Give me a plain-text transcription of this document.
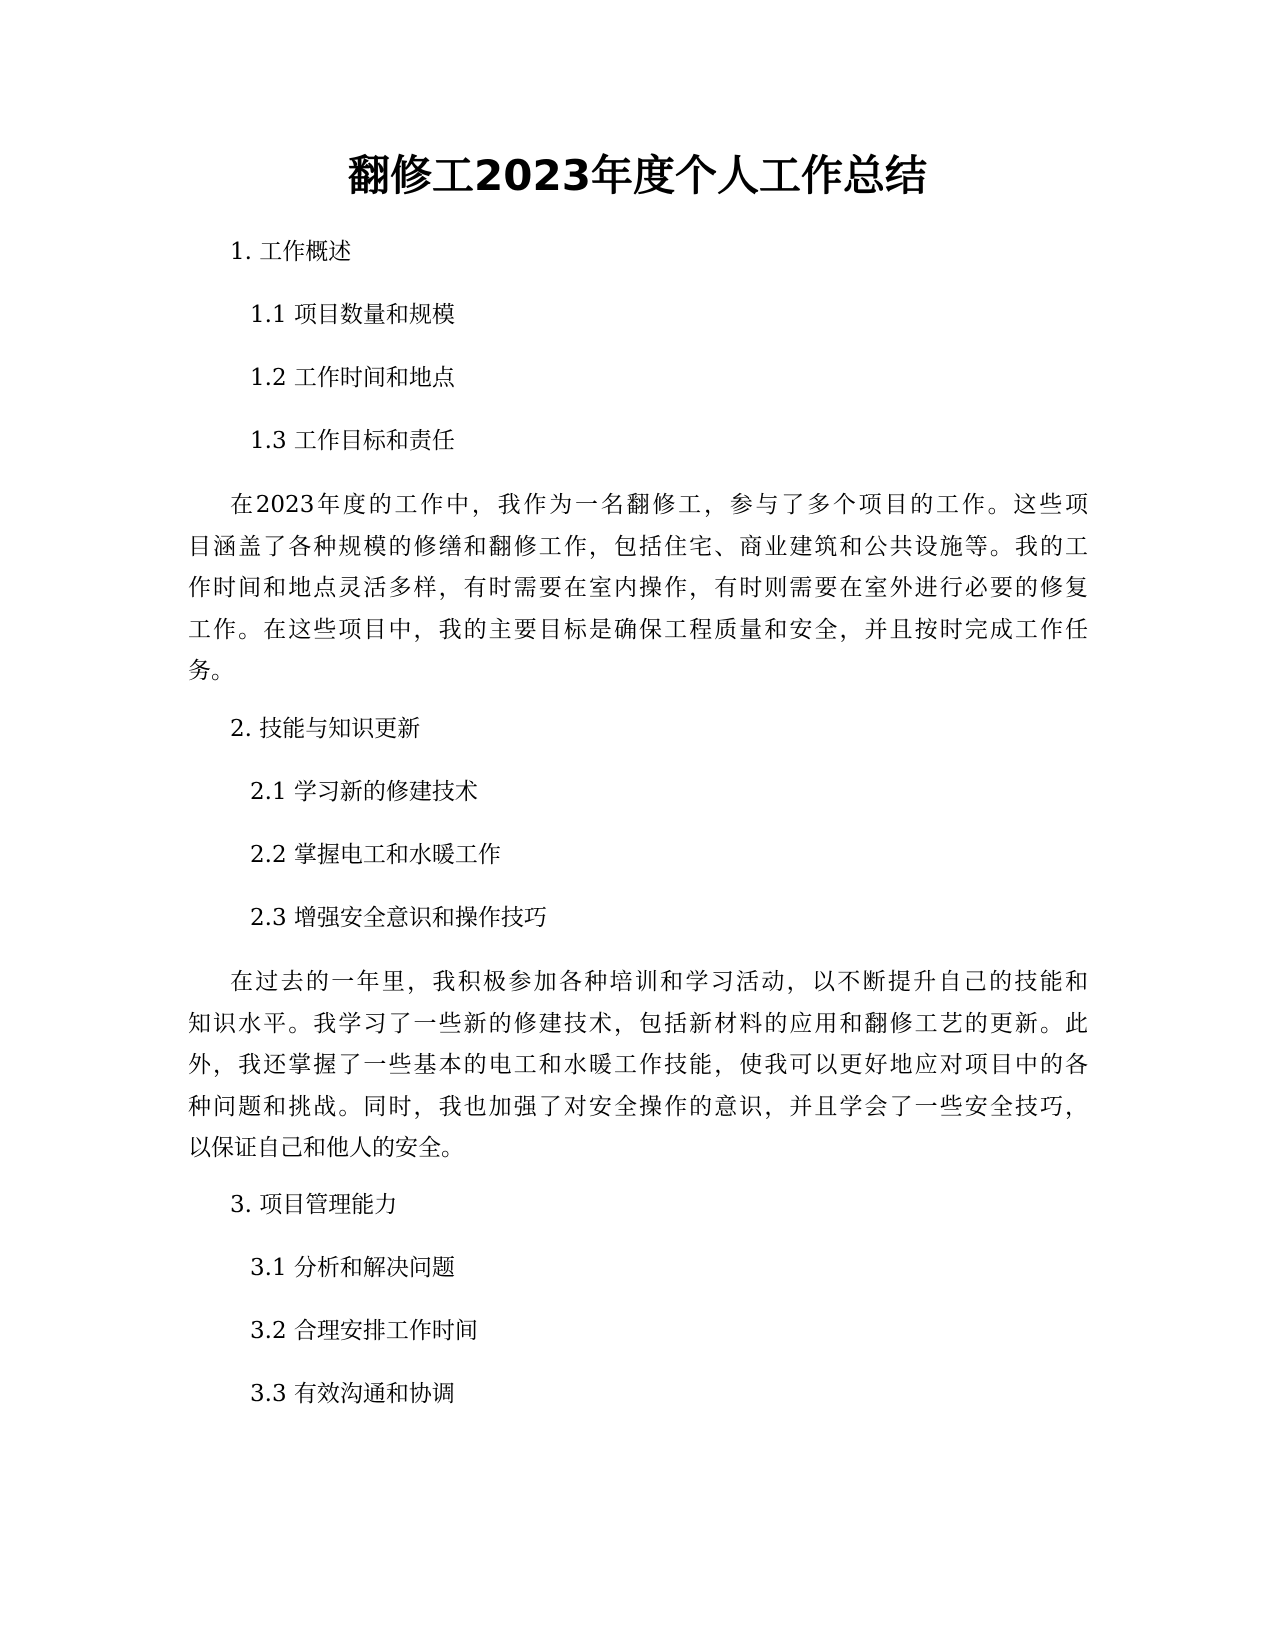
翻修工2023年度个人工作总结
1. 工作概述
1.1 项目数量和规模
1.2 工作时间和地点
1.3 工作目标和责任
在2023年度的工作中，我作为一名翻修工，参与了多个项目的工作。这些项
目涵盖了各种规模的修缮和翻修工作，包括住宅、商业建筑和公共设施等。我的工
作时间和地点灵活多样，有时需要在室内操作，有时则需要在室外进行必要的修复
工作。在这些项目中，我的主要目标是确保工程质量和安全，并且按时完成工作任
务。
2. 技能与知识更新
2.1 学习新的修建技术
2.2 掌握电工和水暖工作
2.3 增强安全意识和操作技巧
在过去的一年里，我积极参加各种培训和学习活动，以不断提升自己的技能和
知识水平。我学习了一些新的修建技术，包括新材料的应用和翻修工艺的更新。此
外，我还掌握了一些基本的电工和水暖工作技能，使我可以更好地应对项目中的各
种问题和挑战。同时，我也加强了对安全操作的意识，并且学会了一些安全技巧，
以保证自己和他人的安全。
3. 项目管理能力
3.1 分析和解决问题
3.2 合理安排工作时间
3.3 有效沟通和协调
